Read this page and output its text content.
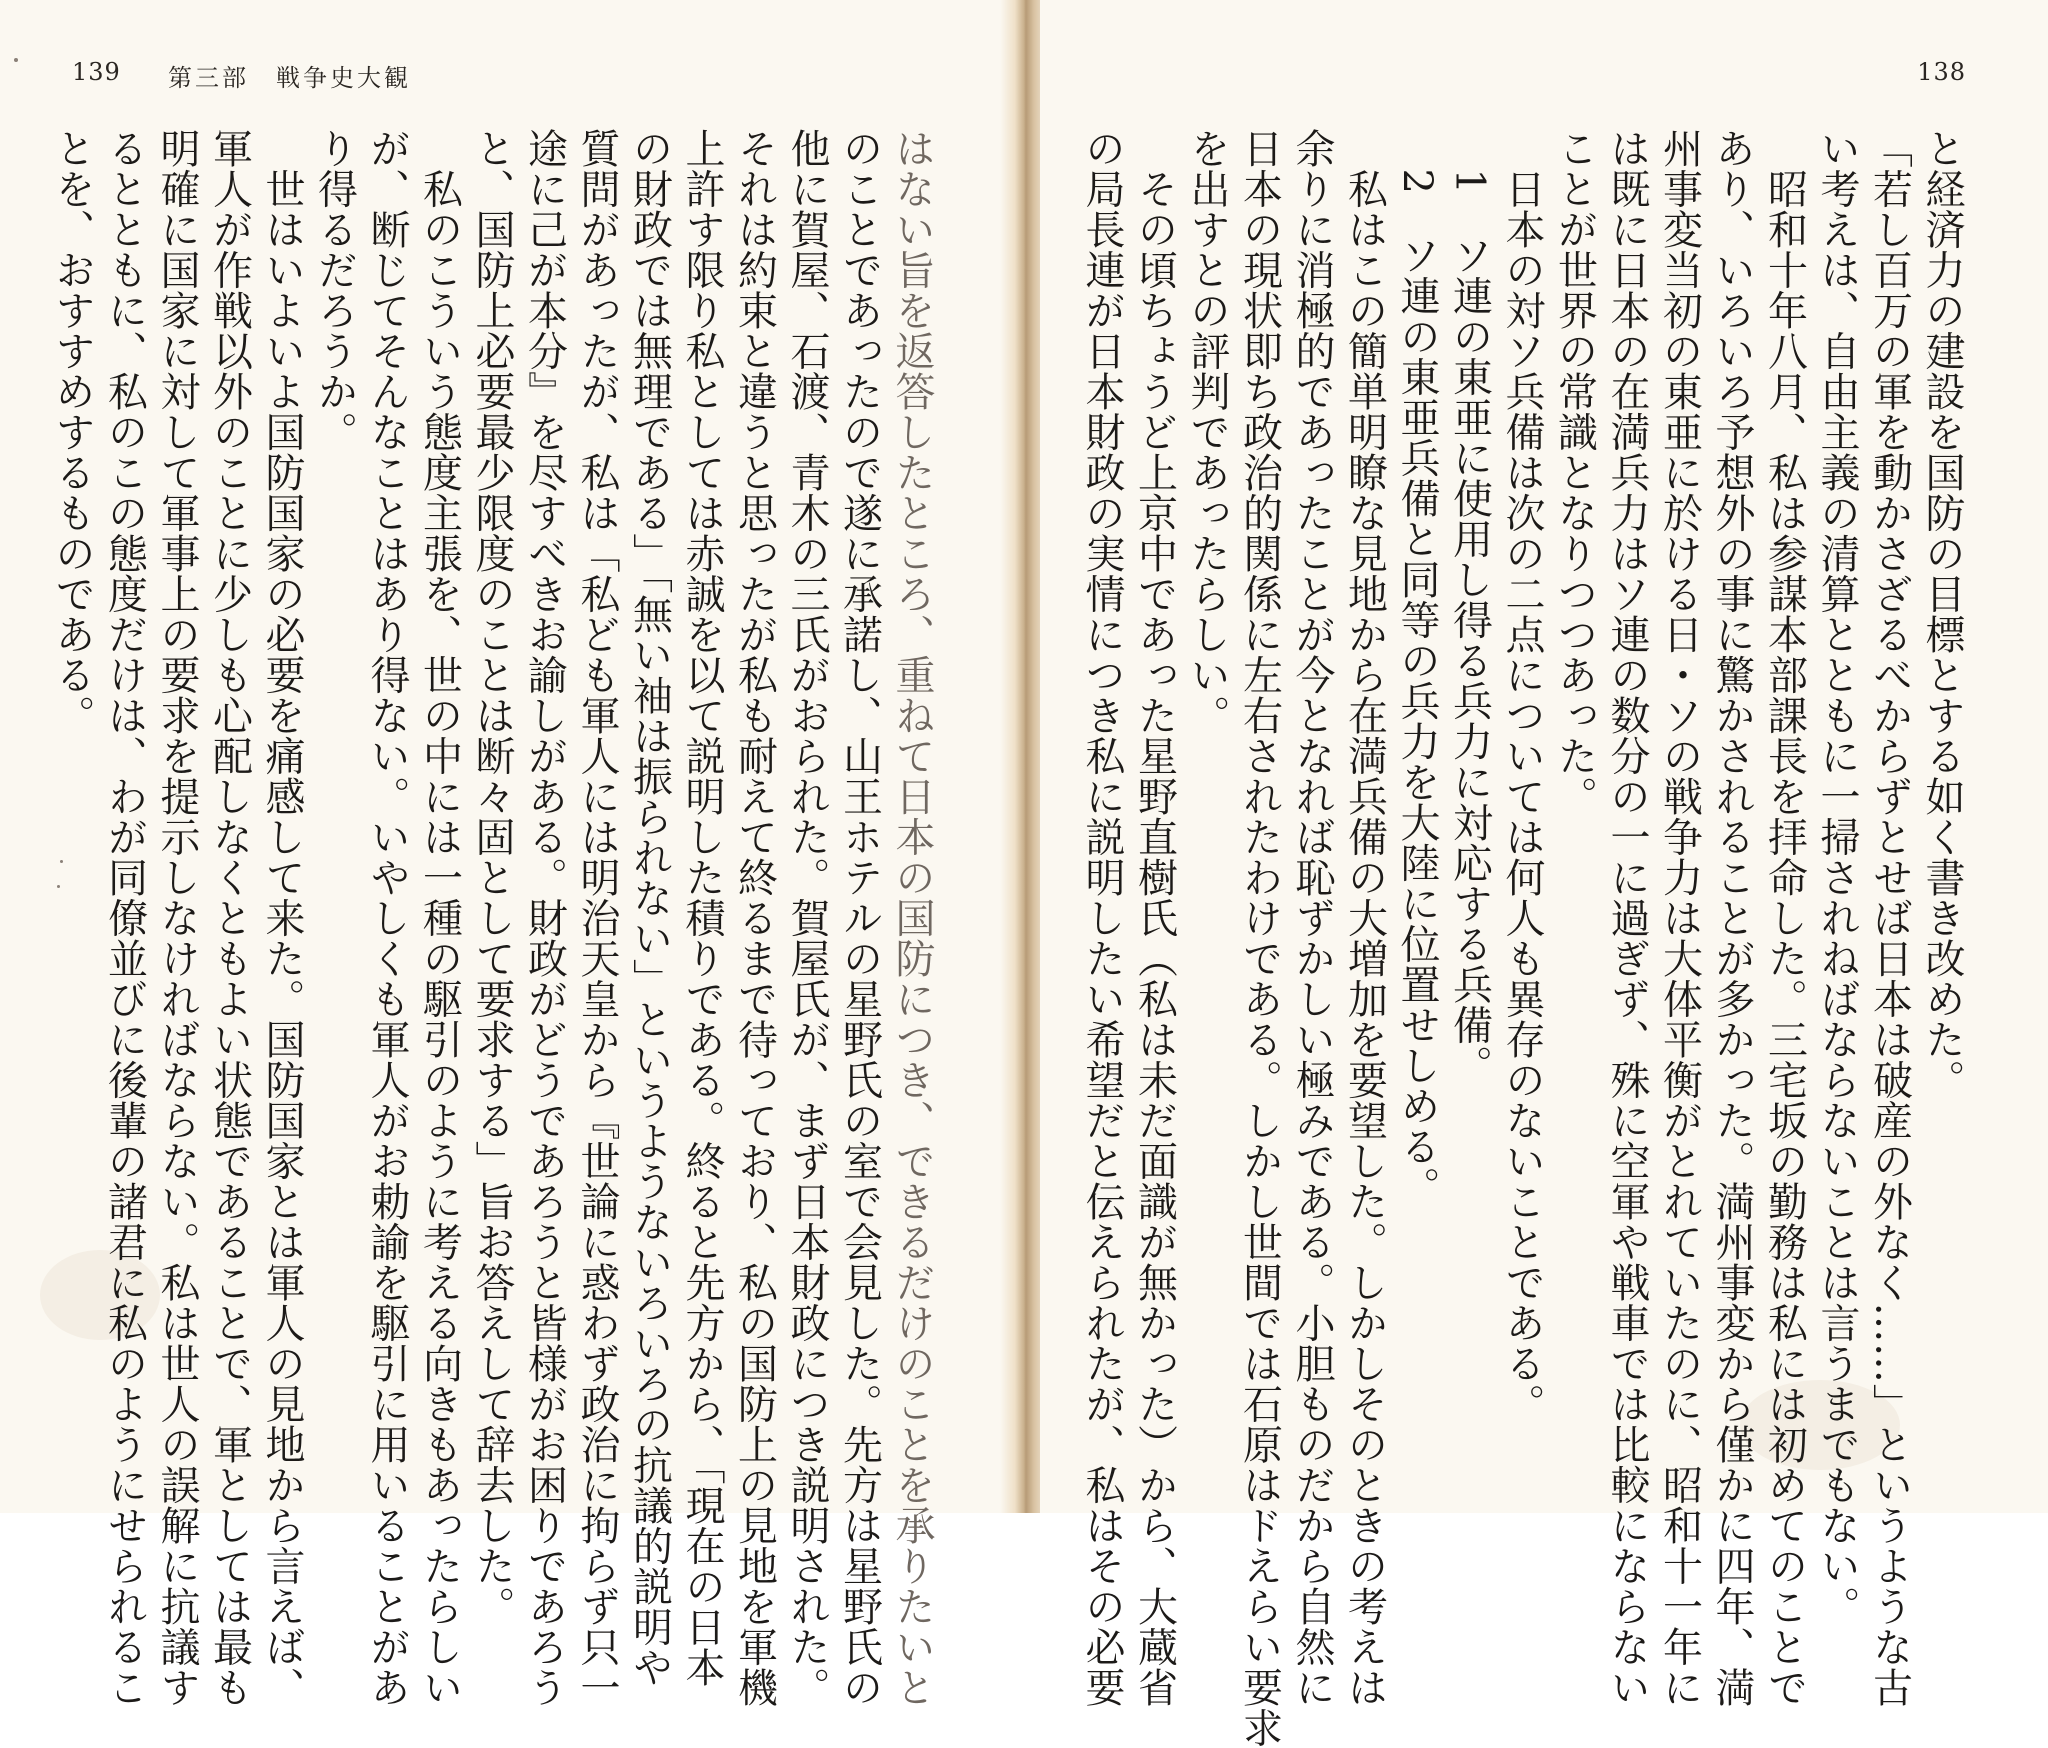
139 第三部　戦争史大観
はない旨を返答したところ、重ねて日本の国防につき、できるだけのことを承りたいと
のことであったので遂に承諾し、山王ホテルの星野氏の室で会見した。先方は星野氏の
他に賀屋、石渡、青木の三氏がおられた。賀屋氏が、まず日本財政につき説明された。
それは約束と違うと思ったが私も耐えて終るまで待っており、私の国防上の見地を軍機
上許す限り私としては赤誠を以て説明した積りである。終ると先方から、「現在の日本
の財政では無理である」「無い袖は振られない」というようないろいろの抗議的説明や
質問があったが、私は「私ども軍人には明治天皇から『世論に惑わず政治に拘らず只一
途に己が本分』を尽すべきお諭しがある。財政がどうであろうと皆様がお困りであろう
と、国防上必要最少限度のことは断々固として要求する」旨お答えして辞去した。
　私のこういう態度主張を、世の中には一種の駆引のように考える向きもあったらしい
が、断じてそんなことはあり得ない。いやしくも軍人がお勅諭を駆引に用いることがあ
り得るだろうか。
　世はいよいよ国防国家の必要を痛感して来た。国防国家とは軍人の見地から言えば、
軍人が作戦以外のことに少しも心配しなくともよい状態であることで、軍としては最も
明確に国家に対して軍事上の要求を提示しなければならない。私は世人の誤解に抗議す
るとともに、私のこの態度だけは、わが同僚並びに後輩の諸君に私のようにせられるこ
とを、おすすめするものである。
138
と経済力の建設を国防の目標とする如く書き改めた。
「若し百万の軍を動かさざるべからずとせば日本は破産の外なく……」というような古
い考えは、自由主義の清算とともに一掃されねばならないことは言うまでもない。
　昭和十年八月、私は参謀本部課長を拝命した。三宅坂の勤務は私には初めてのことで
あり、いろいろ予想外の事に驚かされることが多かった。満州事変から僅かに四年、満
州事変当初の東亜に於ける日・ソの戦争力は大体平衡がとれていたのに、昭和十一年に
は既に日本の在満兵力はソ連の数分の一に過ぎず、殊に空軍や戦車では比較にならない
ことが世界の常識となりつつあった。
　日本の対ソ兵備は次の二点については何人も異存のないことである。
　1　ソ連の東亜に使用し得る兵力に対応する兵備。
　2　ソ連の東亜兵備と同等の兵力を大陸に位置せしめる。
　私はこの簡単明瞭な見地から在満兵備の大増加を要望した。しかしそのときの考えは
余りに消極的であったことが今となれば恥ずかしい極みである。小胆ものだから自然に
日本の現状即ち政治的関係に左右されたわけである。しかし世間では石原はドえらい要求
を出すとの評判であったらしい。
　その頃ちょうど上京中であった星野直樹氏（私は未だ面識が無かった）から、大蔵省
の局長連が日本財政の実情につき私に説明したい希望だと伝えられたが、私はその必要
